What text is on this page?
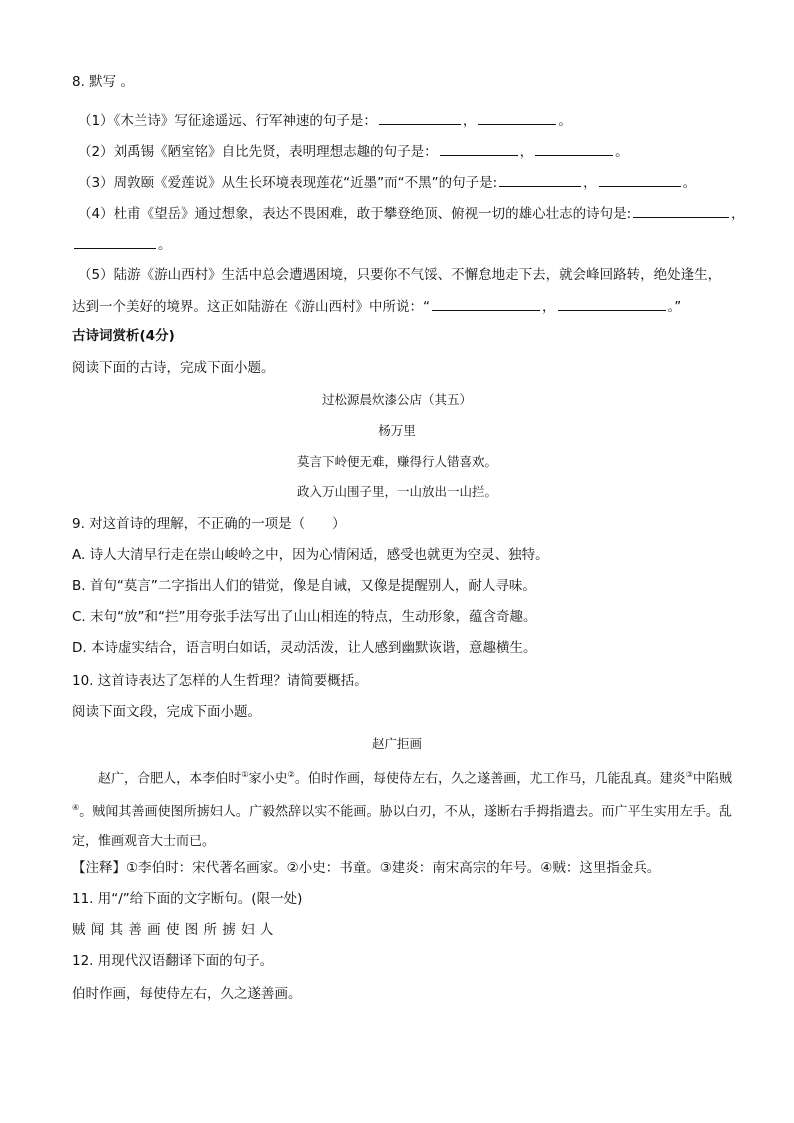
8. 默写 。
（1）《木兰诗》写征途遥远、行军神速的句子是：	，	。
（2）刘禹锡《陋室铭》自比先贤，表明理想志趣的句子是：	，	。
（3）周敦颐《爱莲说》从生长环境表现莲花“近墨”而“不黑”的句子是:	，	。
（4）杜甫《望岳》通过想象，表达不畏困难，敢于攀登绝顶、俯视一切的雄心壮志的诗句是:	，
。
（5）陆游《游山西村》生活中总会遭遇困境，只要你不气馁、不懈怠地走下去，就会峰回路转，绝处逢生，
达到一个美好的境界。这正如陆游在《游山西村》中所说：“	，	。”
古诗词赏析(4分)
阅读下面的古诗，完成下面小题。
过松源晨炊漆公店（其五）
杨万里
莫言下岭便无难，赚得行人错喜欢。
政入万山围子里，一山放出一山拦。
9. 对这首诗的理解，不正确的一项是（　　）
A. 诗人大清早行走在崇山峻岭之中，因为心情闲适，感受也就更为空灵、独特。
B. 首句“莫言”二字指出人们的错觉，像是自诫，又像是提醒别人，耐人寻味。
C. 末句“放”和“拦”用夸张手法写出了山山相连的特点，生动形象，蕴含奇趣。
D. 本诗虚实结合，语言明白如话，灵动活泼，让人感到幽默诙谐，意趣横生。
10. 这首诗表达了怎样的人生哲理？请简要概括。
阅读下面文段，完成下面小题。
赵广拒画
赵广，合肥人，本李伯时①家小史②。伯时作画，每使侍左右，久之遂善画，尤工作马，几能乱真。建炎③中陷贼④。贼闻其善画使图所掳妇人。广毅然辞以实不能画。胁以白刃，不从，遂断右手拇指遣去。而广平生实用左手。乱定，惟画观音大士而已。
【注释】①李伯时：宋代著名画家。②小史：书童。③建炎：南宋高宗的年号。④贼：这里指金兵。
11. 用“/”给下面的文字断句。(限一处)
贼 闻 其 善 画 使 图 所 掳 妇 人
12. 用现代汉语翻译下面的句子。
伯时作画，每使侍左右，久之遂善画。
